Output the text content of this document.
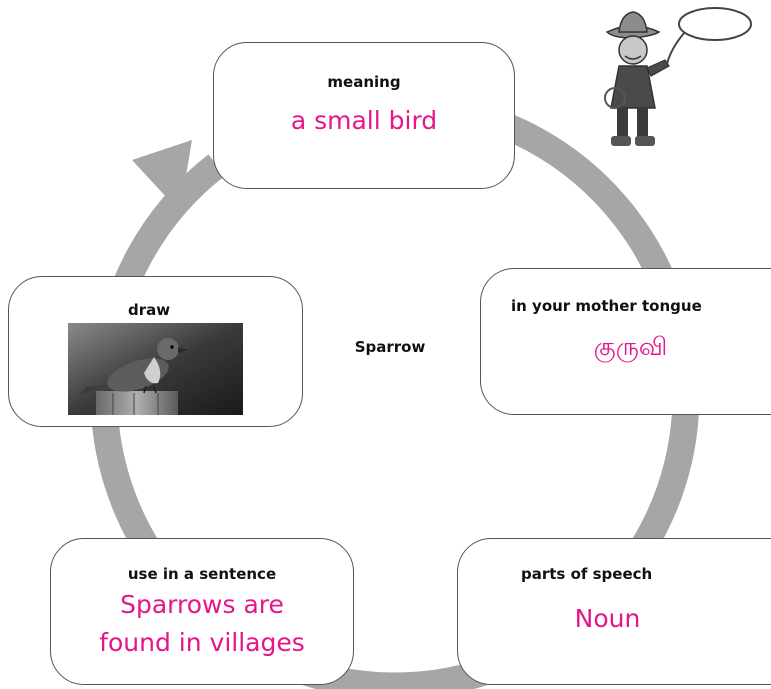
Sparrow
meaning
a small bird
in your mother tongue
குருவி
parts of speech
Noun
use in a sentence
Sparrows are
found in villages
draw
